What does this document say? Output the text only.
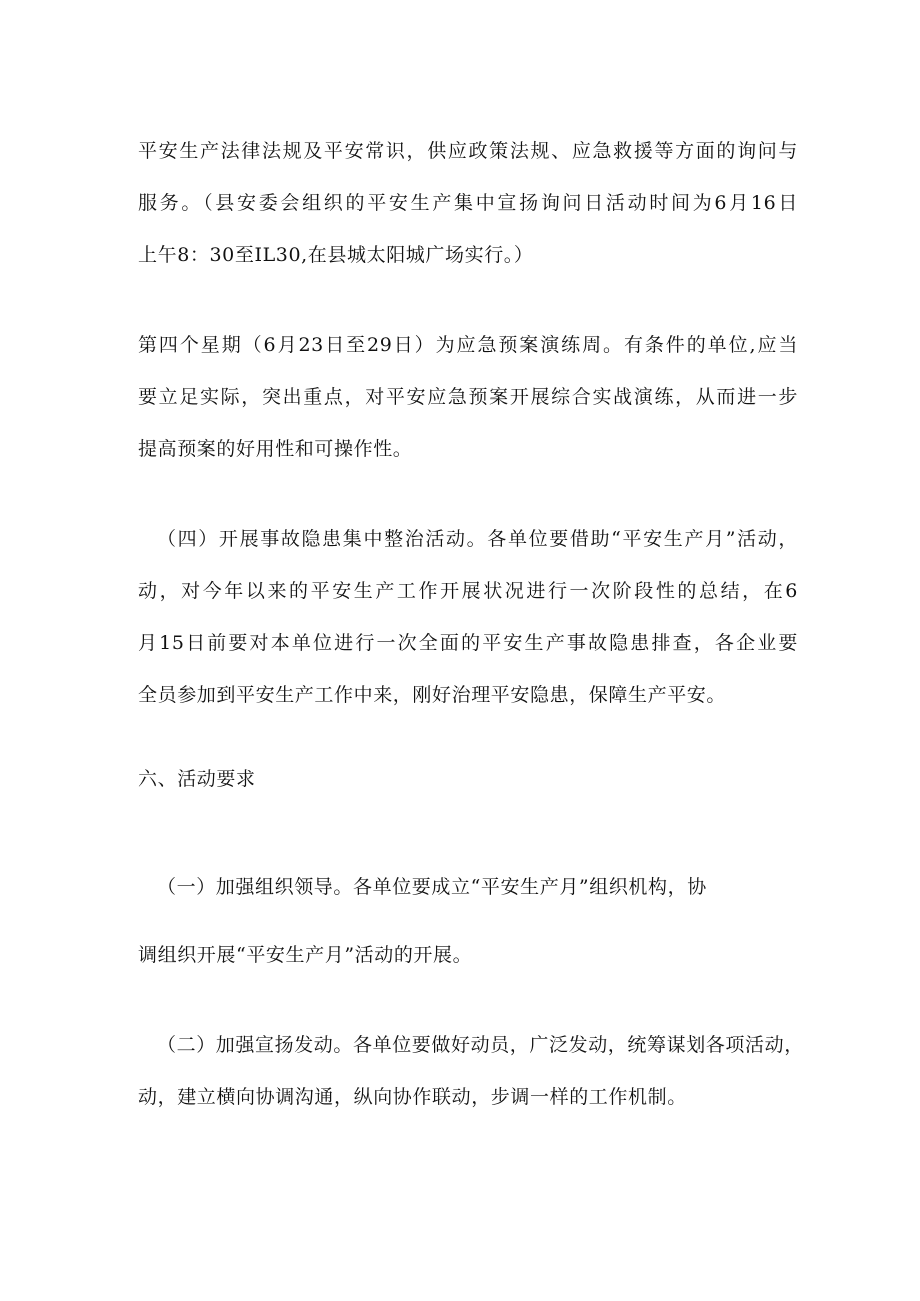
平安生产法律法规及平安常识，供应政策法规、应急救援等方面的询问与
服务。（县安委会组织的平安生产集中宣扬询问日活动时间为6月16日
上午8：30至IL30,在县城太阳城广场实行。）
第四个星期（6月23日至29日）为应急预案演练周。有条件的单位,应当
要立足实际，突出重点，对平安应急预案开展综合实战演练，从而进一步
提高预案的好用性和可操作性。
（四）开展事故隐患集中整治活动。各单位要借助“平安生产月”活动，
动，对今年以来的平安生产工作开展状况进行一次阶段性的总结，在6
月15日前要对本单位进行一次全面的平安生产事故隐患排查，各企业要
全员参加到平安生产工作中来，刚好治理平安隐患，保障生产平安。
六、活动要求
（一）加强组织领导。各单位要成立“平安生产月”组织机构，协
调组织开展“平安生产月”活动的开展。
（二）加强宣扬发动。各单位要做好动员，广泛发动，统筹谋划各项活动，
动，建立横向协调沟通，纵向协作联动，步调一样的工作机制。
